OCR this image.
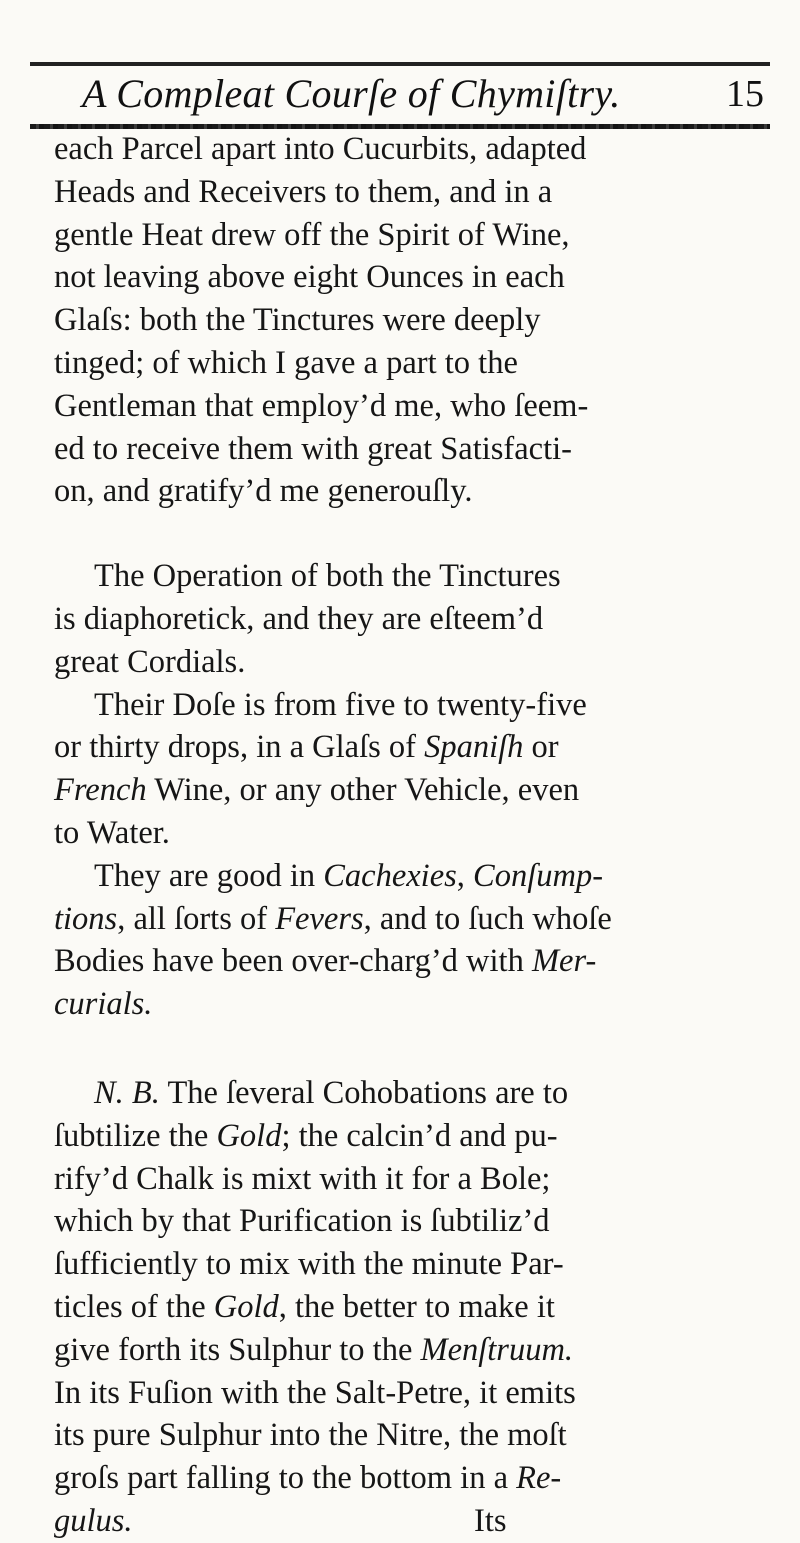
A Compleat Courſe of Chymiſtry.	15
each Parcel apart into Cucurbits, adapted
Heads and Receivers to them, and in a
gentle Heat drew off the Spirit of Wine,
not leaving above eight Ounces in each
Glaſs: both the Tinctures were deeply
tinged; of which I gave a part to the
Gentleman that employ’d me, who ſeem-
ed to receive them with great Satisfacti-
on, and gratify’d me generouſly.
The Operation of both the Tinctures
is diaphoretick, and they are eſteem’d
great Cordials.
Their Doſe is from five to twenty-five
or thirty drops, in a Glaſs of Spaniſh or
French Wine, or any other Vehicle, even
to Water.
They are good in Cachexies, Conſump-
tions, all ſorts of Fevers, and to ſuch whoſe
Bodies have been over-charg’d with Mer-
curials.
N. B. The ſeveral Cohobations are to
ſubtilize the Gold; the calcin’d and pu-
rify’d Chalk is mixt with it for a Bole;
which by that Purification is ſubtiliz’d
ſufficiently to mix with the minute Par-
ticles of the Gold, the better to make it
give forth its Sulphur to the Menſtruum.
In its Fuſion with the Salt-Petre, it emits
its pure Sulphur into the Nitre, the moſt
groſs part falling to the bottom in a Re-
gulus.	Its
